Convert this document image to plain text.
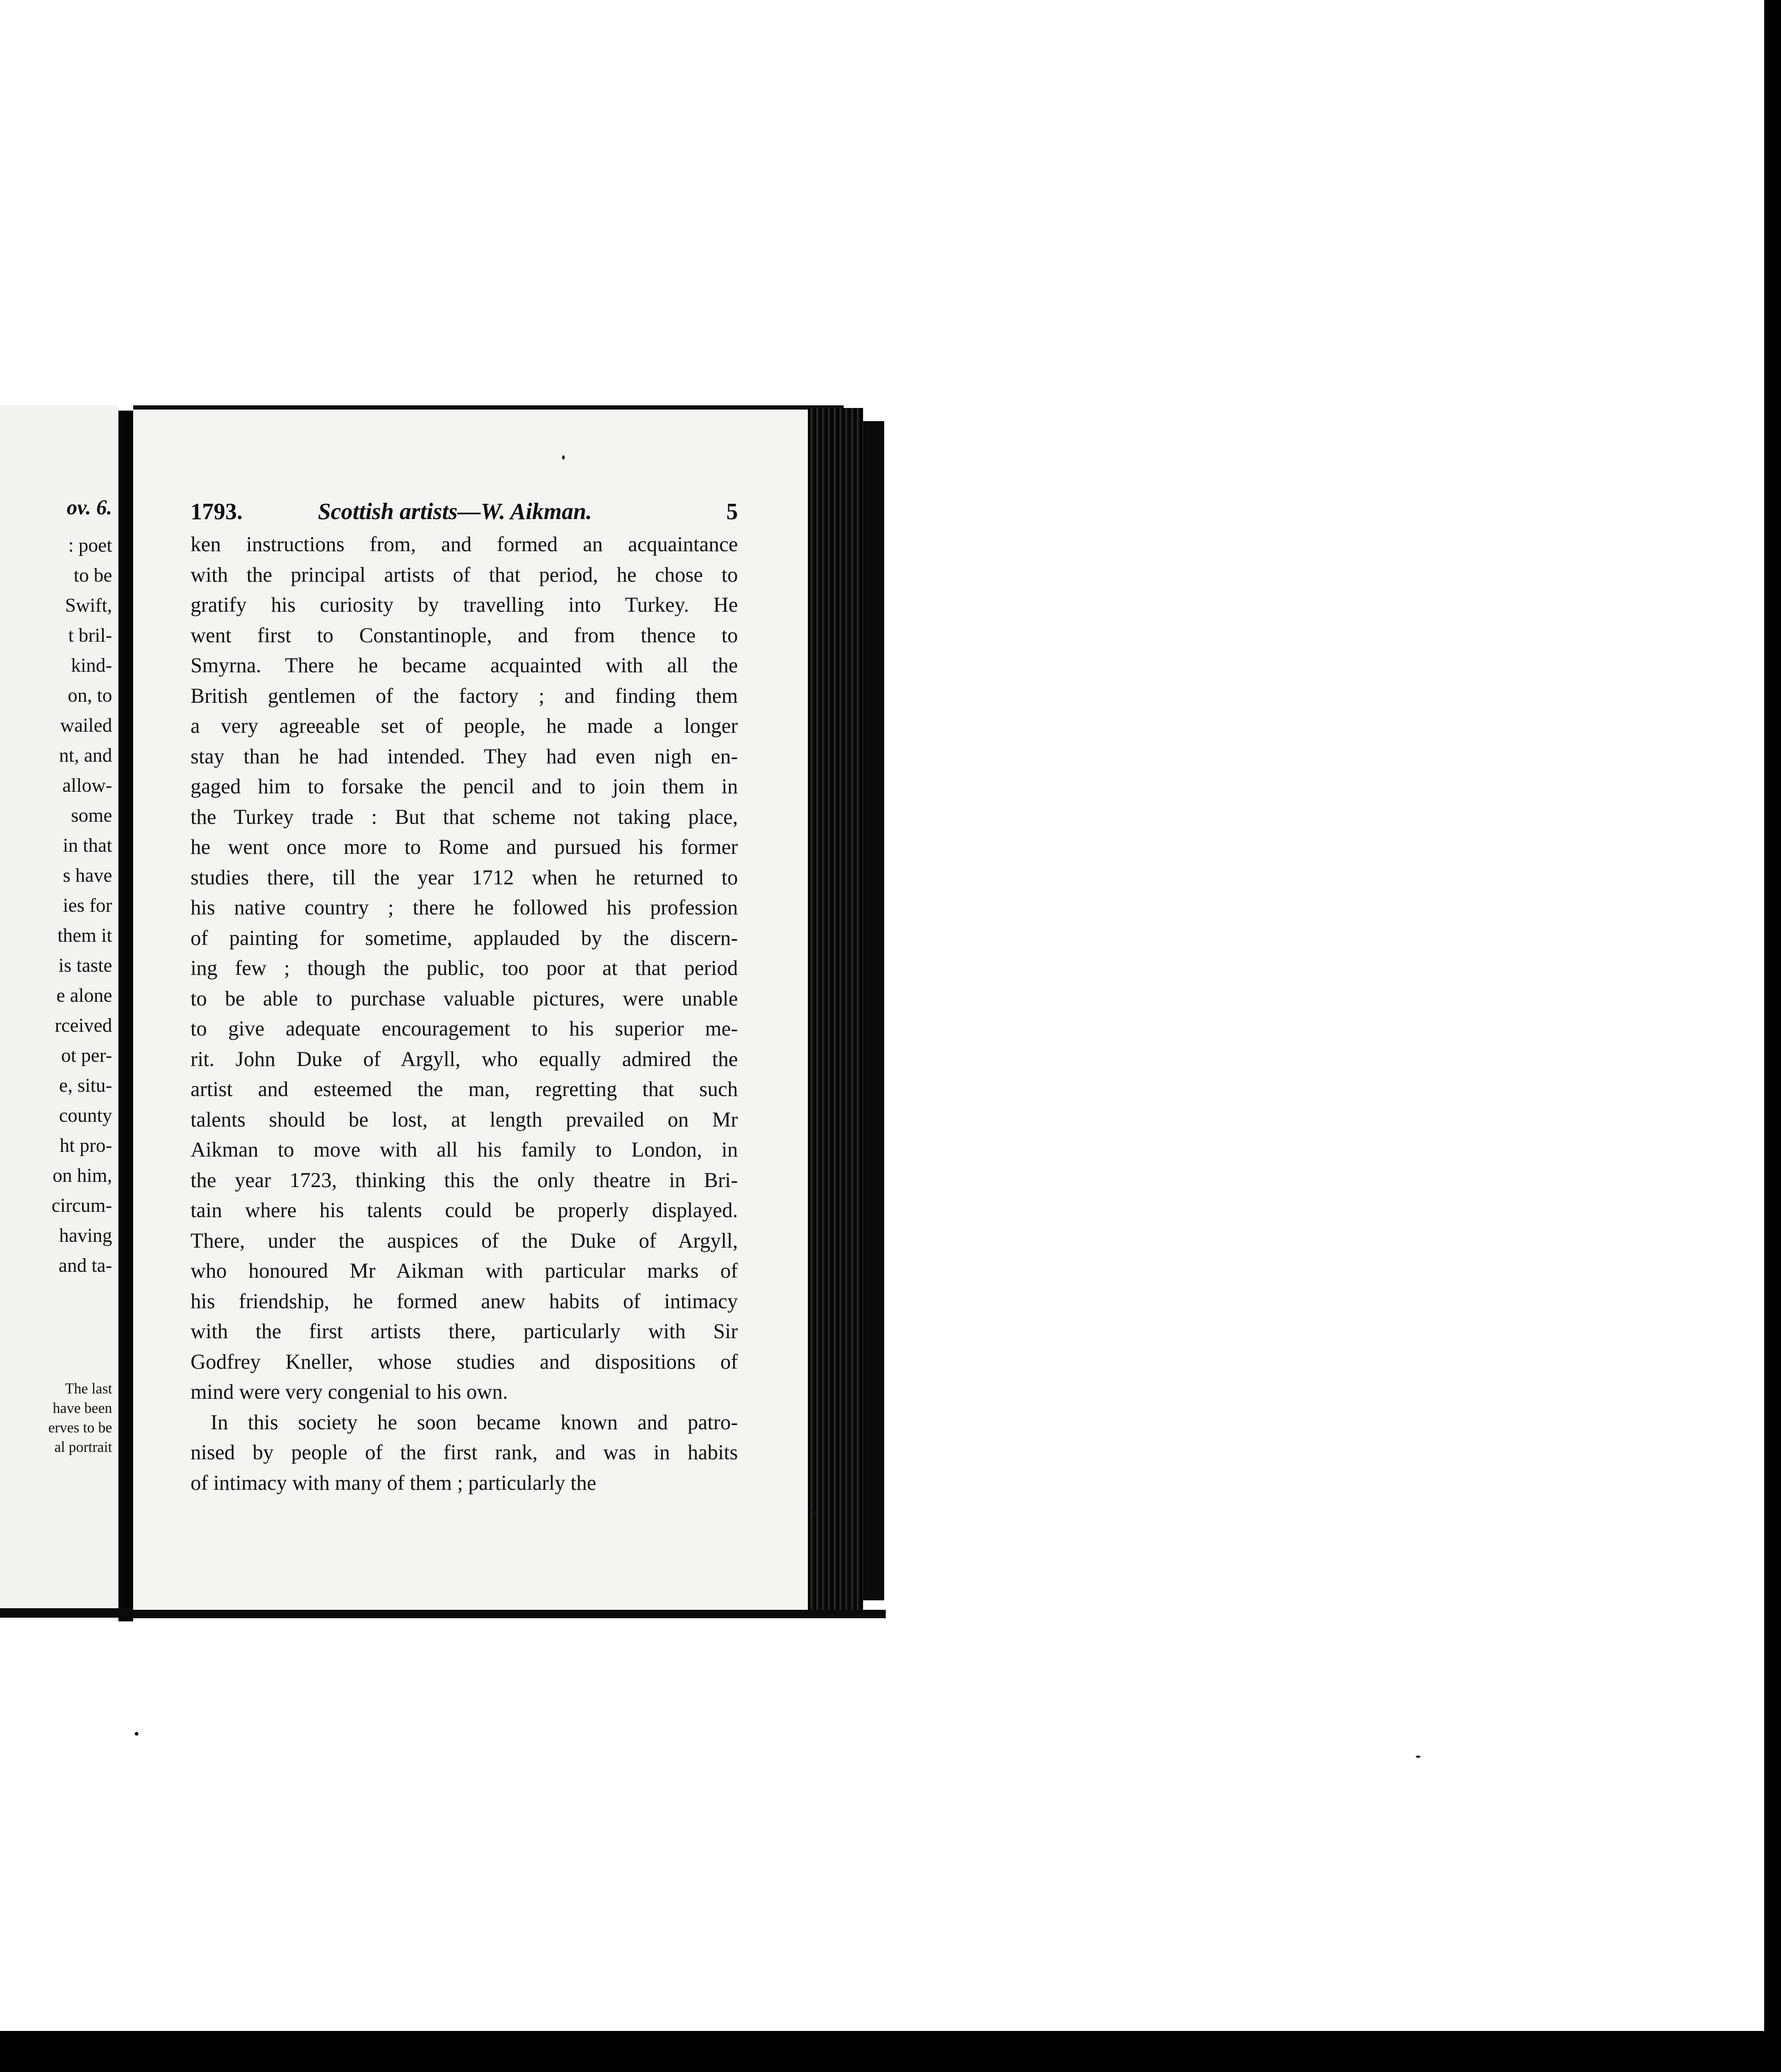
ov. 6.
: poet
to be
Swift,
t bril-
kind-
on, to
wailed
nt, and
allow-
some
in that
s have
ies for
them it
is taste
e alone
rceived
ot per-
e, situ-
county
ht pro-
on him,
circum-
having
and ta-
The last
have been
erves to be
al portrait
1793.	Scottish artists—W. Aikman.	5
ken instructions from, and formed an acquaintance
with the principal artists of that period, he chose to
gratify his curiosity by travelling into Turkey. He
went first to Constantinople, and from thence to
Smyrna. There he became acquainted with all the
British gentlemen of the factory ; and finding them
a very agreeable set of people, he made a longer
stay than he had intended. They had even nigh en-
gaged him to forsake the pencil and to join them in
the Turkey trade : But that scheme not taking place,
he went once more to Rome and pursued his former
studies there, till the year 1712 when he returned to
his native country ; there he followed his profession
of painting for sometime, applauded by the discern-
ing few ; though the public, too poor at that period
to be able to purchase valuable pictures, were unable
to give adequate encouragement to his superior me-
rit. John Duke of Argyll, who equally admired the
artist and esteemed the man, regretting that such
talents should be lost, at length prevailed on Mr
Aikman to move with all his family to London, in
the year 1723, thinking this the only theatre in Bri-
tain where his talents could be properly displayed.
There, under the auspices of the Duke of Argyll,
who honoured Mr Aikman with particular marks of
his friendship, he formed anew habits of intimacy
with the first artists there, particularly with Sir
Godfrey Kneller, whose studies and dispositions of
mind were very congenial to his own.
In this society he soon became known and patro-
nised by people of the first rank, and was in habits
of intimacy with many of them ; particularly the
